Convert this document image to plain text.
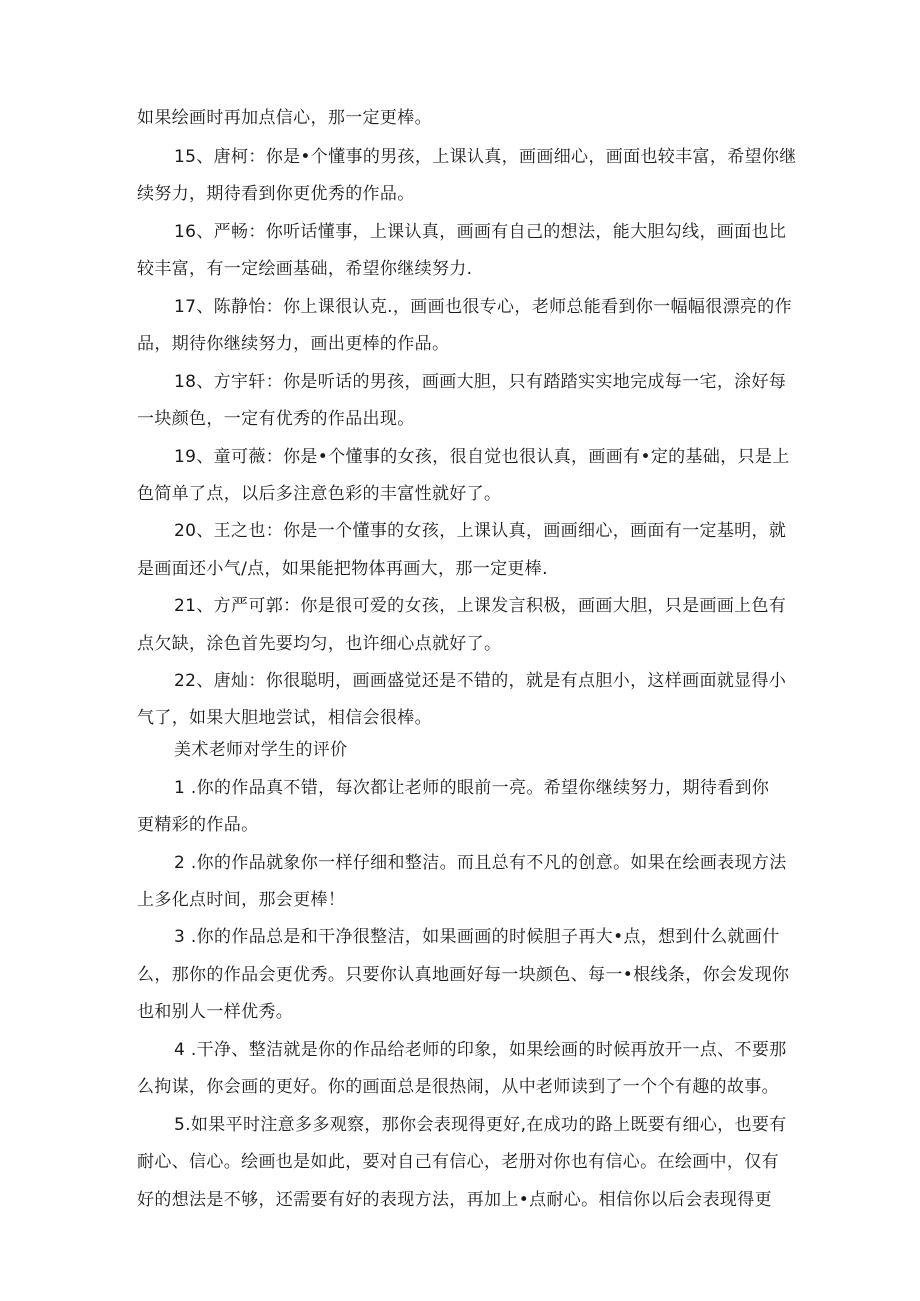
如果绘画时再加点信心，那一定更棒。
15、唐柯：你是•个懂事的男孩，上课认真，画画细心，画面也较丰富，希望你继
续努力，期待看到你更优秀的作品。
16、严畅：你听话懂事，上课认真，画画有自己的想法，能大胆勾线，画面也比
较丰富，有一定绘画基础，希望你继续努力.
17、陈静怡：你上课很认克.，画画也很专心，老师总能看到你一幅幅很漂亮的作
品，期待你继续努力，画出更棒的作品。
18、方宇轩：你是听话的男孩，画画大胆，只有踏踏实实地完成每一宅，涂好每
一块颜色，一定有优秀的作品出现。
19、童可薇：你是•个懂事的女孩，很自觉也很认真，画画有•定的基础，只是上
色简单了点，以后多注意色彩的丰富性就好了。
20、王之也：你是一个懂事的女孩，上课认真，画画细心，画面有一定基明，就
是画面还小气/点，如果能把物体再画大，那一定更棒.
21、方严可郭：你是很可爱的女孩，上课发言积极，画画大胆，只是画画上色有
点欠缺，涂色首先要均匀，也许细心点就好了。
22、唐灿：你很聪明，画画盛觉还是不错的，就是有点胆小，这样画面就显得小
气了，如果大胆地尝试，相信会很棒。
美术老师对学生的评价
1 .你的作品真不错，每次都让老师的眼前一亮。希望你继续努力，期待看到你
更精彩的作品。
2 .你的作品就象你一样仔细和整洁。而且总有不凡的创意。如果在绘画表现方法
上多化点时间，那会更棒！
3 .你的作品总是和干净很整洁，如果画画的时候胆子再大•点，想到什么就画什
么，那你的作品会更优秀。只要你认真地画好每一块颜色、每一•根线条，你会发现你
也和别人一样优秀。
4 .干净、整洁就是你的作品给老师的印象，如果绘画的时候再放开一点、不要那
么拘谋，你会画的更好。你的画面总是很热闹，从中老师读到了一个个有趣的故事。
5.如果平时注意多多观察，那你会表现得更好,在成功的路上既要有细心，也要有
耐心、信心。绘画也是如此，要对自己有信心，老册对你也有信心。在绘画中，仅有
好的想法是不够，还需要有好的表现方法，再加上•点耐心。相信你以后会表现得更
